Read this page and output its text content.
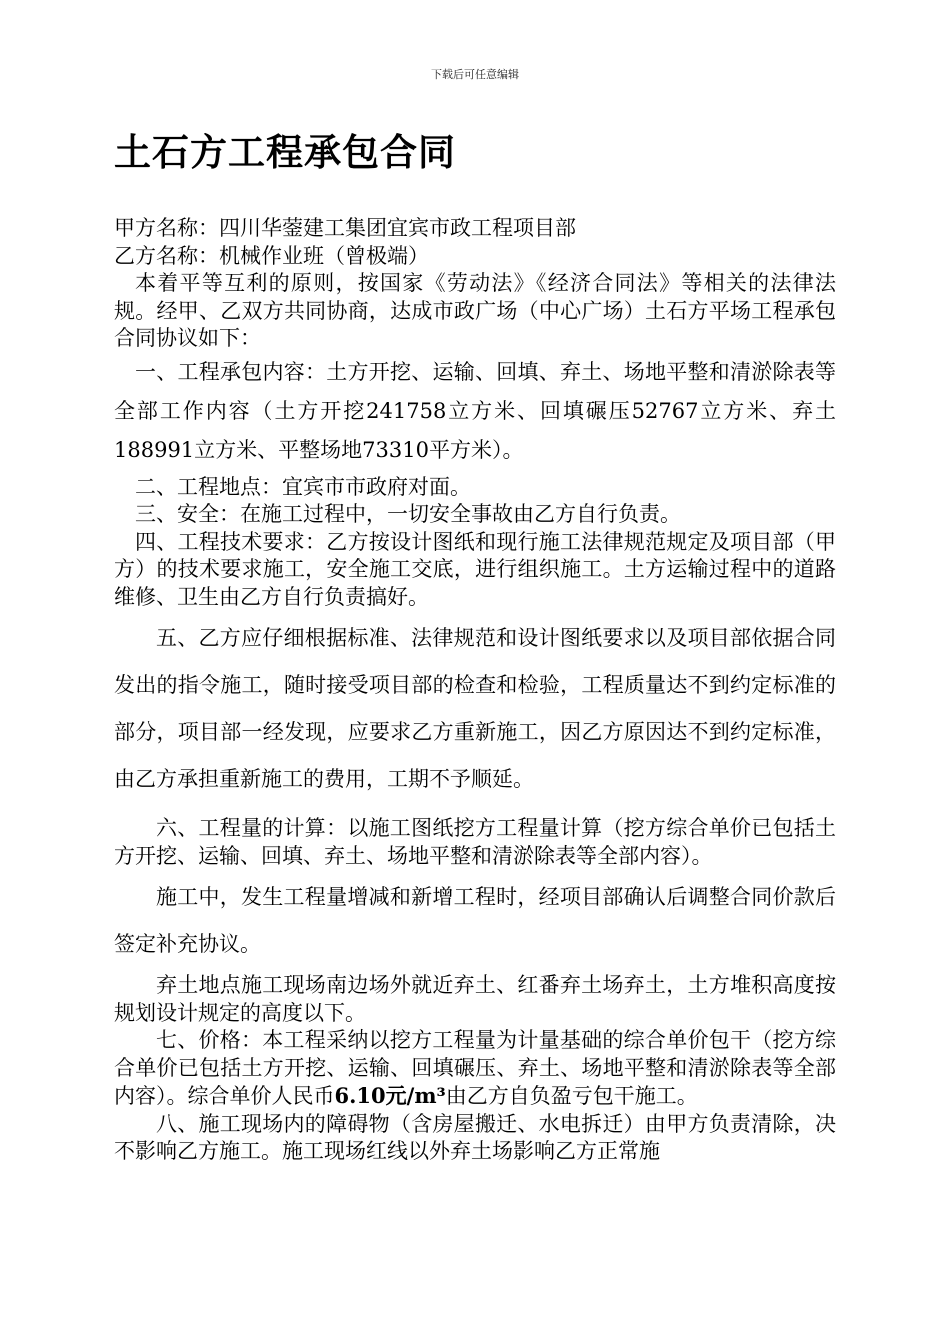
下载后可任意编辑
土石方工程承包合同

甲方名称：四川华蓥建工集团宜宾市政工程项目部

乙方名称：机械作业班（曾极端）

本着平等互利的原则，按国家《劳动法》《经济合同法》等相关的法律法规。经甲、乙双方共同协商，达成市政广场（中心广场）土石方平场工程承包合同协议如下：

一、工程承包内容：土方开挖、运输、回填、弃土、场地平整和清淤除表等全部工作内容（土方开挖241758立方米、回填碾压52767立方米、弃土188991立方米、平整场地73310平方米）。

二、工程地点：宜宾市市政府对面。

三、安全：在施工过程中，一切安全事故由乙方自行负责。

四、工程技术要求：乙方按设计图纸和现行施工法律规范规定及项目部（甲方）的技术要求施工，安全施工交底，进行组织施工。土方运输过程中的道路维修、卫生由乙方自行负责搞好。

五、乙方应仔细根据标准、法律规范和设计图纸要求以及项目部依据合同发出的指令施工，随时接受项目部的检查和检验，工程质量达不到约定标准的部分，项目部一经发现，应要求乙方重新施工，因乙方原因达不到约定标准，由乙方承担重新施工的费用，工期不予顺延。

六、工程量的计算：以施工图纸挖方工程量计算（挖方综合单价已包括土方开挖、运输、回填、弃土、场地平整和清淤除表等全部内容）。

施工中，发生工程量增减和新增工程时，经项目部确认后调整合同价款后签定补充协议。

弃土地点施工现场南边场外就近弃土、红番弃土场弃土，土方堆积高度按规划设计规定的高度以下。

七、价格：本工程采纳以挖方工程量为计量基础的综合单价包干（挖方综合单价已包括土方开挖、运输、回填碾压、弃土、场地平整和清淤除表等全部内容）。综合单价人民币6.10元/m³由乙方自负盈亏包干施工。

八、施工现场内的障碍物（含房屋搬迁、水电拆迁）由甲方负责清除，决不影响乙方施工。施工现场红线以外弃土场影响乙方正常施
